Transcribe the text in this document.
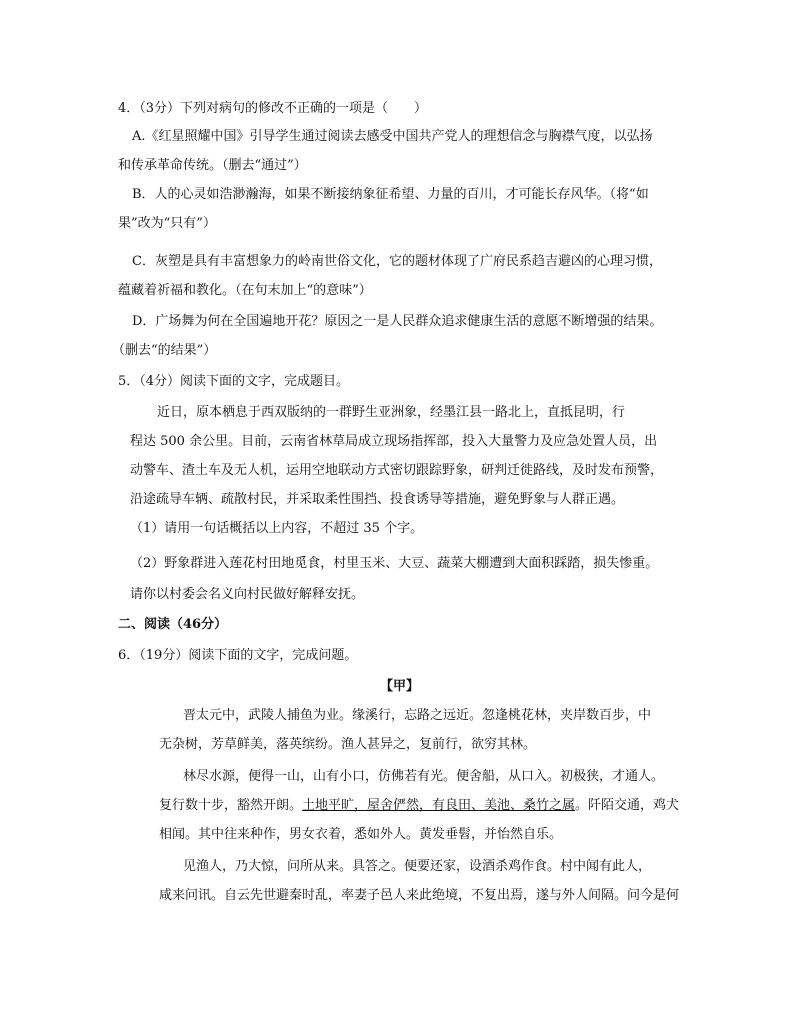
4．（3分）下列对病句的修改不正确的一项是（　　）
A.《红星照耀中国》引导学生通过阅读去感受中国共产党人的理想信念与胸襟气度，以弘扬
和传承革命传统。（删去“通过”）
B．人的心灵如浩渺瀚海，如果不断接纳象征希望、力量的百川，才可能长存风华。（将“如
果”改为“只有”）
C．灰塑是具有丰富想象力的岭南世俗文化，它的题材体现了广府民系趋吉避凶的心理习惯，
蕴藏着祈福和教化。（在句末加上“的意味”）
D．广场舞为何在全国遍地开花？原因之一是人民群众追求健康生活的意愿不断增强的结果。
（删去“的结果”）
5．（4分）阅读下面的文字，完成题目。
近日，原本栖息于西双版纳的一群野生亚洲象，经墨江县一路北上，直抵昆明，行
程达 500 余公里。目前，云南省林草局成立现场指挥部，投入大量警力及应急处置人员，出
动警车、渣土车及无人机，运用空地联动方式密切跟踪野象，研判迁徙路线，及时发布预警，
沿途疏导车辆、疏散村民，并采取柔性围挡、投食诱导等措施，避免野象与人群正遇。
（1）请用一句话概括以上内容，不超过 35 个字。
（2）野象群进入莲花村田地觅食，村里玉米、大豆、蔬菜大棚遭到大面积踩踏，损失惨重。
请你以村委会名义向村民做好解释安抚。
二、阅读（46分）
6．（19分）阅读下面的文字，完成问题。
【甲】
晋太元中，武陵人捕鱼为业。缘溪行，忘路之远近。忽逢桃花林，夹岸数百步，中
无杂树，芳草鲜美，落英缤纷。渔人甚异之，复前行，欲穷其林。
林尽水源，便得一山，山有小口，仿佛若有光。便舍船，从口入。初极狭，才通人。
复行数十步，豁然开朗。土地平旷，屋舍俨然，有良田、美池、桑竹之属。阡陌交通，鸡犬
相闻。其中往来种作，男女衣着，悉如外人。黄发垂髫，并怡然自乐。
见渔人，乃大惊，问所从来。具答之。便要还家，设酒杀鸡作食。村中闻有此人，
咸来问讯。自云先世避秦时乱，率妻子邑人来此绝境，不复出焉，遂与外人间隔。问今是何
